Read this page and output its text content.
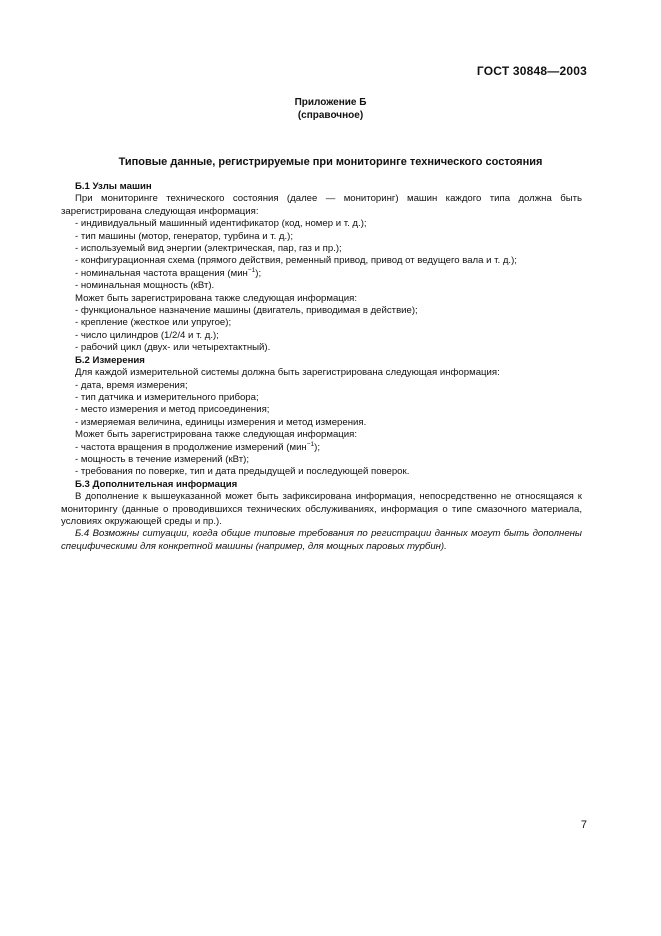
ГОСТ 30848—2003
Приложение Б
(справочное)
Типовые данные, регистрируемые при мониторинге технического состояния

Б.1 Узлы машин

При мониторинге технического состояния (далее — мониторинг) машин каждого типа должна быть зарегистрирована следующая информация:

- индивидуальный машинный идентификатор (код, номер и т. д.);

- тип машины (мотор, генератор, турбина и т. д.);

- используемый вид энергии (электрическая, пар, газ и пр.);

- конфигурационная схема (прямого действия, ременный привод, привод от ведущего вала и т. д.);

- номинальная частота вращения (мин$^{-1}$);

- номинальная мощность (кВт).

Может быть зарегистрирована также следующая информация:

- функциональное назначение машины (двигатель, приводимая в действие);

- крепление (жесткое или упругое);

- число цилиндров (1/2/4 и т. д.);

- рабочий цикл (двух- или четырехтактный).

Б.2 Измерения

Для каждой измерительной системы должна быть зарегистрирована следующая информация:

- дата, время измерения;

- тип датчика и измерительного прибора;

- место измерения и метод присоединения;

- измеряемая величина, единицы измерения и метод измерения.

Может быть зарегистрирована также следующая информация:

- частота вращения в продолжение измерений (мин$^{-1}$);

- мощность в течение измерений (кВт);

- требования по поверке, тип и дата предыдущей и последующей поверок.

Б.3 Дополнительная информация

В дополнение к вышеуказанной может быть зафиксирована информация, непосредственно не относящаяся к мониторингу (данные о проводившихся технических обслуживаниях, информация о типе смазочного материала, условиях окружающей среды и пр.).

Б.4 Возможны ситуации, когда общие типовые требования по регистрации данных могут быть дополнены специфическими для конкретной машины (например, для мощных паровых турбин).

7
